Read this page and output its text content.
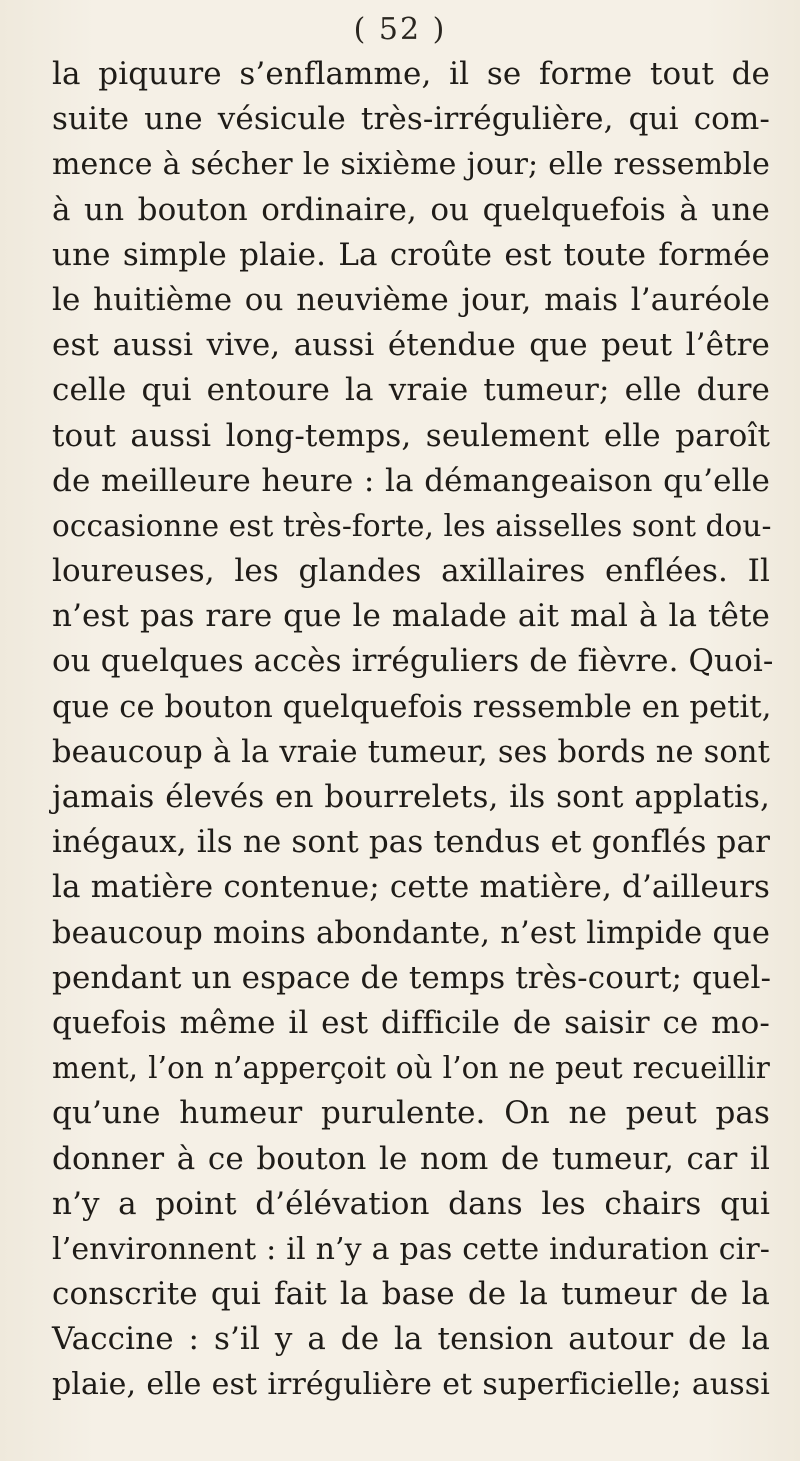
( 52 )
la piquure s’enflamme, il se forme tout de
suite une vésicule très-irrégulière, qui com-
mence à sécher le sixième jour; elle ressemble
à un bouton ordinaire, ou quelquefois à une
une simple plaie. La croûte est toute formée
le huitième ou neuvième jour, mais l’auréole
est aussi vive, aussi étendue que peut l’être
celle qui entoure la vraie tumeur; elle dure
tout aussi long-temps, seulement elle paroît
de meilleure heure : la démangeaison qu’elle
occasionne est très-forte, les aisselles sont dou-
loureuses, les glandes axillaires enflées. Il
n’est pas rare que le malade ait mal à la tête
ou quelques accès irréguliers de fièvre. Quoi-
que ce bouton quelquefois ressemble en petit,
beaucoup à la vraie tumeur, ses bords ne sont
jamais élevés en bourrelets, ils sont applatis,
inégaux, ils ne sont pas tendus et gonflés par
la matière contenue; cette matière, d’ailleurs
beaucoup moins abondante, n’est limpide que
pendant un espace de temps très-court; quel-
quefois même il est difficile de saisir ce mo-
ment, l’on n’apperçoit où l’on ne peut recueillir
qu’une humeur purulente. On ne peut pas
donner à ce bouton le nom de tumeur, car il
n’y a point d’élévation dans les chairs qui
l’environnent : il n’y a pas cette induration cir-
conscrite qui fait la base de la tumeur de la
Vaccine : s’il y a de la tension autour de la
plaie, elle est irrégulière et superficielle; aussi
